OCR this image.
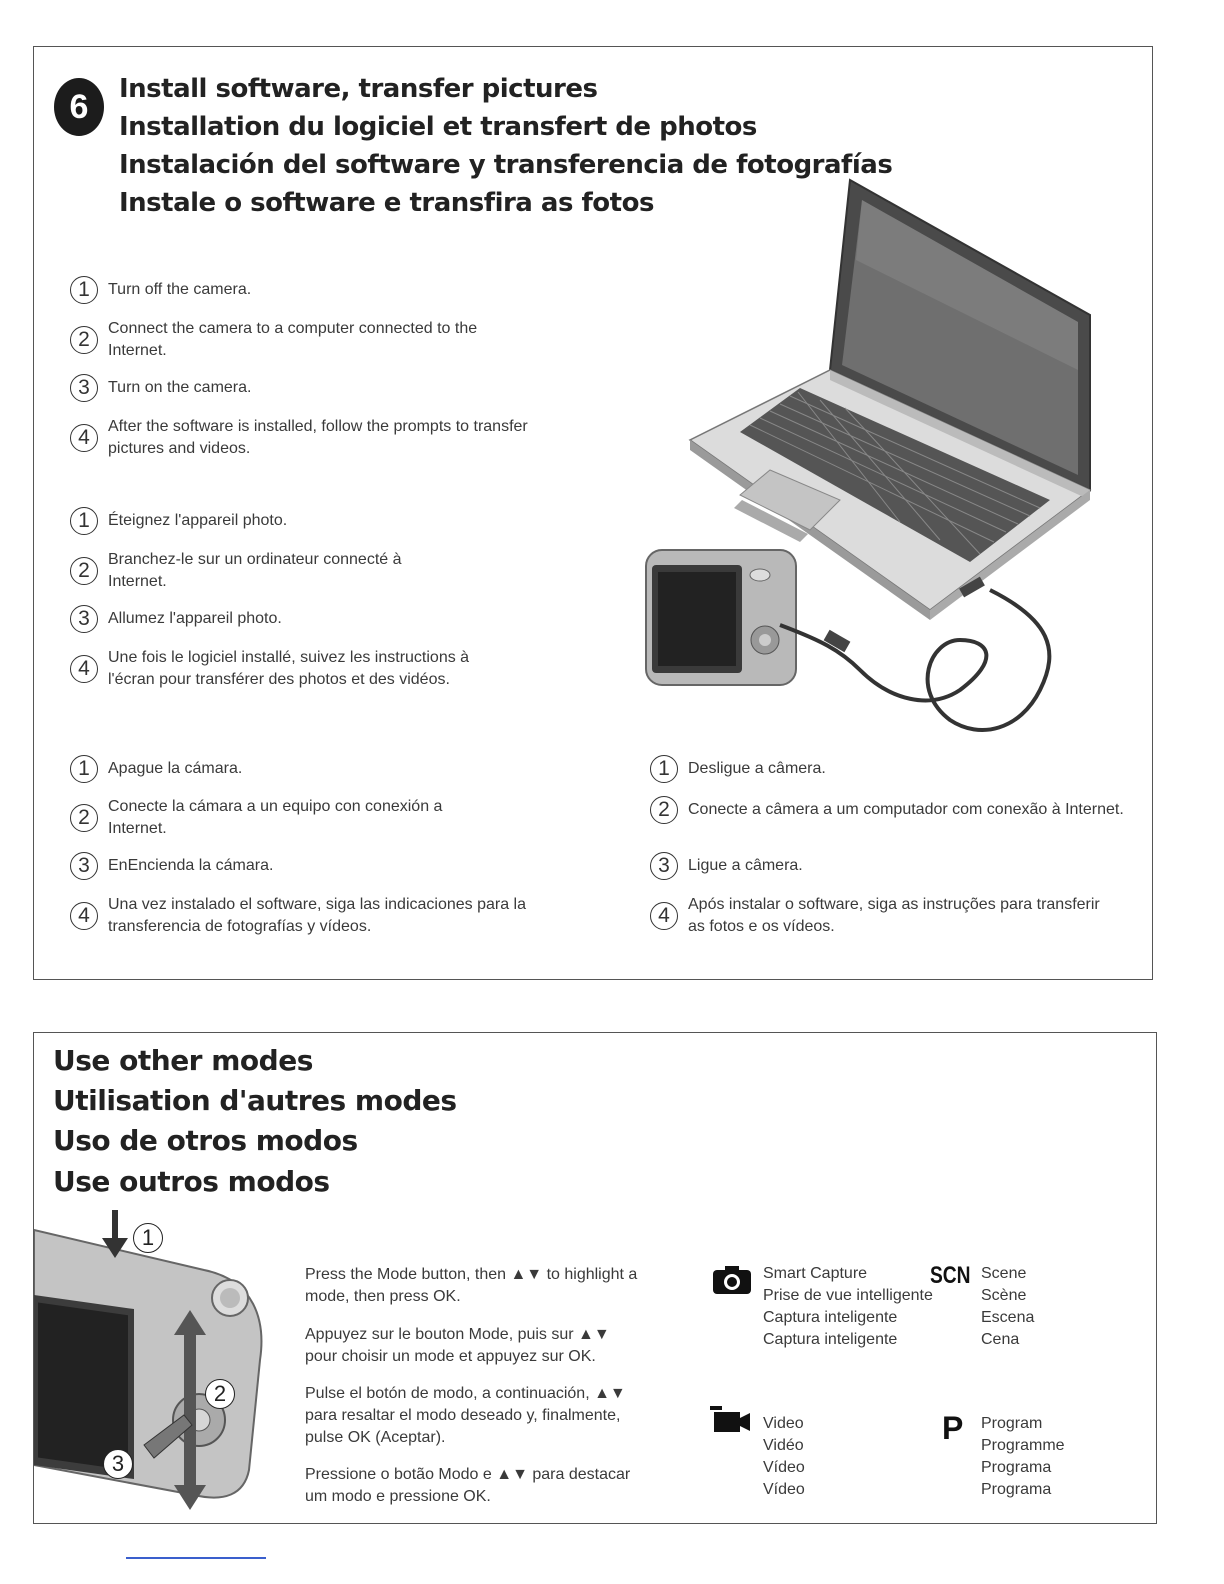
6	Install software, transfer pictures
Installation du logiciel et transfert de photos
Instalación del software y transferencia de fotografías
Instale o software e transfira as fotos
1	Turn off the camera.
2	Connect the camera to a computer connected to the Internet.
3	Turn on the camera.
4	After the software is installed, follow the prompts to transfer pictures and videos.
1	Éteignez l'appareil photo.
2	Branchez-le sur un ordinateur connecté à Internet.
3	Allumez l'appareil photo.
4	Une fois le logiciel installé, suivez les instructions à l'écran pour transférer des photos et des vidéos.
1	Apague la cámara.
2	Conecte la cámara a un equipo con conexión a Internet.
3	EnEncienda la cámara.
4	Una vez instalado el software, siga las indicaciones para la transferencia de fotografías y vídeos.
1	Desligue a câmera.
2	Conecte a câmera a um computador com conexão à Internet.
3	Ligue a câmera.
4	Após instalar o software, siga as instruções para transferir as fotos e os vídeos.
Use other modes
Utilisation d'autres modes
Uso de otros modos
Use outros modos
1
2
3
Press the Mode button, then ▲▼ to highlight a mode, then press OK.
Appuyez sur le bouton Mode, puis sur ▲▼ pour choisir un mode et appuyez sur OK.
Pulse el botón de modo, a continuación, ▲▼ para resaltar el modo deseado y, finalmente, pulse OK (Aceptar).
Pressione o botão Modo e ▲▼ para destacar um modo e pressione OK.
Smart Capture
Prise de vue intelligente
Captura inteligente
Captura inteligente
SCN Scene
Scène
Escena
Cena
Video
Vidéo
Vídeo
Vídeo
P Program
Programme
Programa
Programa
